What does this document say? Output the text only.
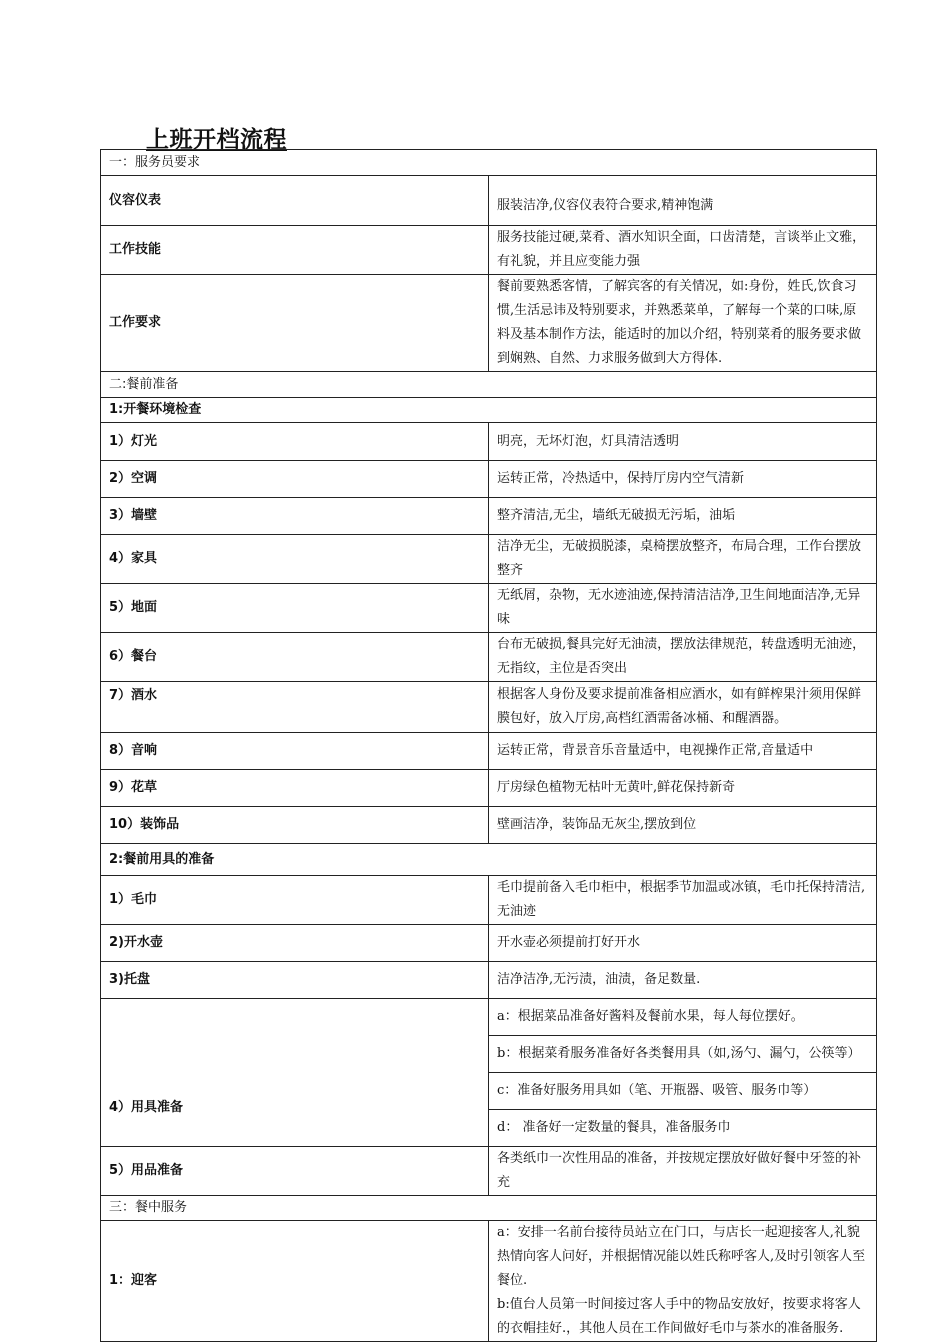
上班开档流程
一：服务员要求	
仪容仪表	服装洁净,仪容仪表符合要求,精神饱满
工作技能	服务技能过硬,菜肴、酒水知识全面，口齿清楚，言谈举止文雅，有礼貌，并且应变能力强
工作要求	餐前要熟悉客情，了解宾客的有关情况，如:身份，姓氏,饮食习惯,生活忌讳及特别要求，并熟悉菜单，了解每一个菜的口味,原料及基本制作方法，能适时的加以介绍，特别菜肴的服务要求做到娴熟、自然、力求服务做到大方得体.
二:餐前准备	
1:开餐环境检查	
1）灯光	明亮，无坏灯泡，灯具清洁透明
2）空调	运转正常，冷热适中，保持厅房内空气清新
3）墙壁	整齐清洁,无尘，墙纸无破损无污垢，油垢
4）家具	洁净无尘，无破损脱漆，桌椅摆放整齐，布局合理，工作台摆放整齐
5）地面	无纸屑，杂物，无水迹油迹,保持清洁洁净,卫生间地面洁净,无异味
6）餐台	台布无破损,餐具完好无油渍，摆放法律规范，转盘透明无油迹，无指纹，主位是否突出
7）酒水	根据客人身份及要求提前准备相应酒水，如有鲜榨果汁须用保鲜膜包好，放入厅房,高档红酒需备冰桶、和醒酒器。
8）音响	运转正常，背景音乐音量适中，电视操作正常,音量适中
9）花草	厅房绿色植物无枯叶无黄叶,鲜花保持新奇
10）装饰品	壁画洁净，装饰品无灰尘,摆放到位
2:餐前用具的准备	
1）毛巾	毛巾提前备入毛巾柜中，根据季节加温或冰镇，毛巾托保持清洁,无油迹
2)开水壶	开水壶必须提前打好开水
3)托盘	洁净洁净,无污渍，油渍，备足数量.
4）用具准备	a：根据菜品准备好酱料及餐前水果，每人每位摆好。
	b：根据菜肴服务准备好各类餐用具（如,汤勺、漏勺，公筷等）
	c：准备好服务用具如（笔、开瓶器、吸管、服务巾等）
	d： 准备好一定数量的餐具，准备服务巾
5）用品准备	各类纸巾一次性用品的准备，并按规定摆放好做好餐中牙签的补充
三：餐中服务	
1：迎客	a：安排一名前台接待员站立在门口，与店长一起迎接客人,礼貌热情向客人问好，并根据情况能以姓氏称呼客人,及时引领客人至餐位.
b:值台人员第一时间接过客人手中的物品安放好，按要求将客人的衣帽挂好.，其他人员在工作间做好毛巾与茶水的准备服务.
